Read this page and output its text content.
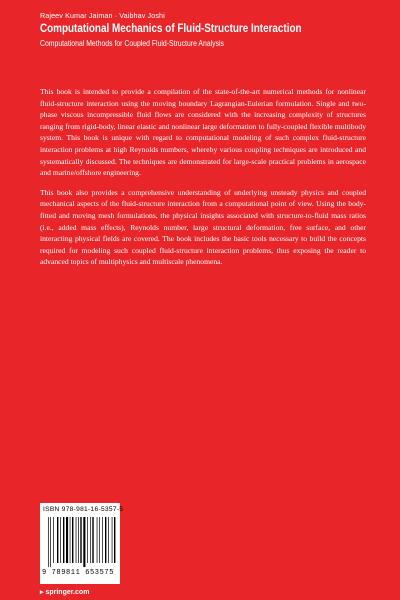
Rajeev Kumar Jaiman · Vaibhav Joshi
Computational Mechanics of Fluid-Structure Interaction
Computational Methods for Coupled Fluid-Structure Analysis

This book is intended to provide a compilation of the state-of-the-art numerical methods for nonlinear fluid-structure interaction using the moving boundary Lagrangian-Eulerian formulation. Single and two-phase viscous incompressible fluid flows are considered with the increasing complexity of structures ranging from rigid-body, linear elastic and nonlinear large deformation to fully-coupled flexible multibody system. This book is unique with regard to computational modeling of such complex fluid-structure interaction problems at high Reynolds numbers, whereby various coupling techniques are introduced and systematically discussed. The techniques are demonstrated for large-scale practical problems in aerospace and marine/offshore engineering.

This book also provides a comprehensive understanding of underlying unsteady physics and coupled mechanical aspects of the fluid-structure interaction from a computational point of view. Using the body-fitted and moving mesh formulations, the physical insights associated with structure-to-fluid mass ratios (i.e., added mass effects), Reynolds number, large structural deformation, free surface, and other interacting physical fields are covered. The book includes the basic tools necessary to build the concepts required for modeling such coupled fluid-structure interaction problems, thus exposing the reader to advanced topics of multiphysics and multiscale phenomena.

ISBN 978-981-16-5357-5
9 789811 653575
▸ springer.com
